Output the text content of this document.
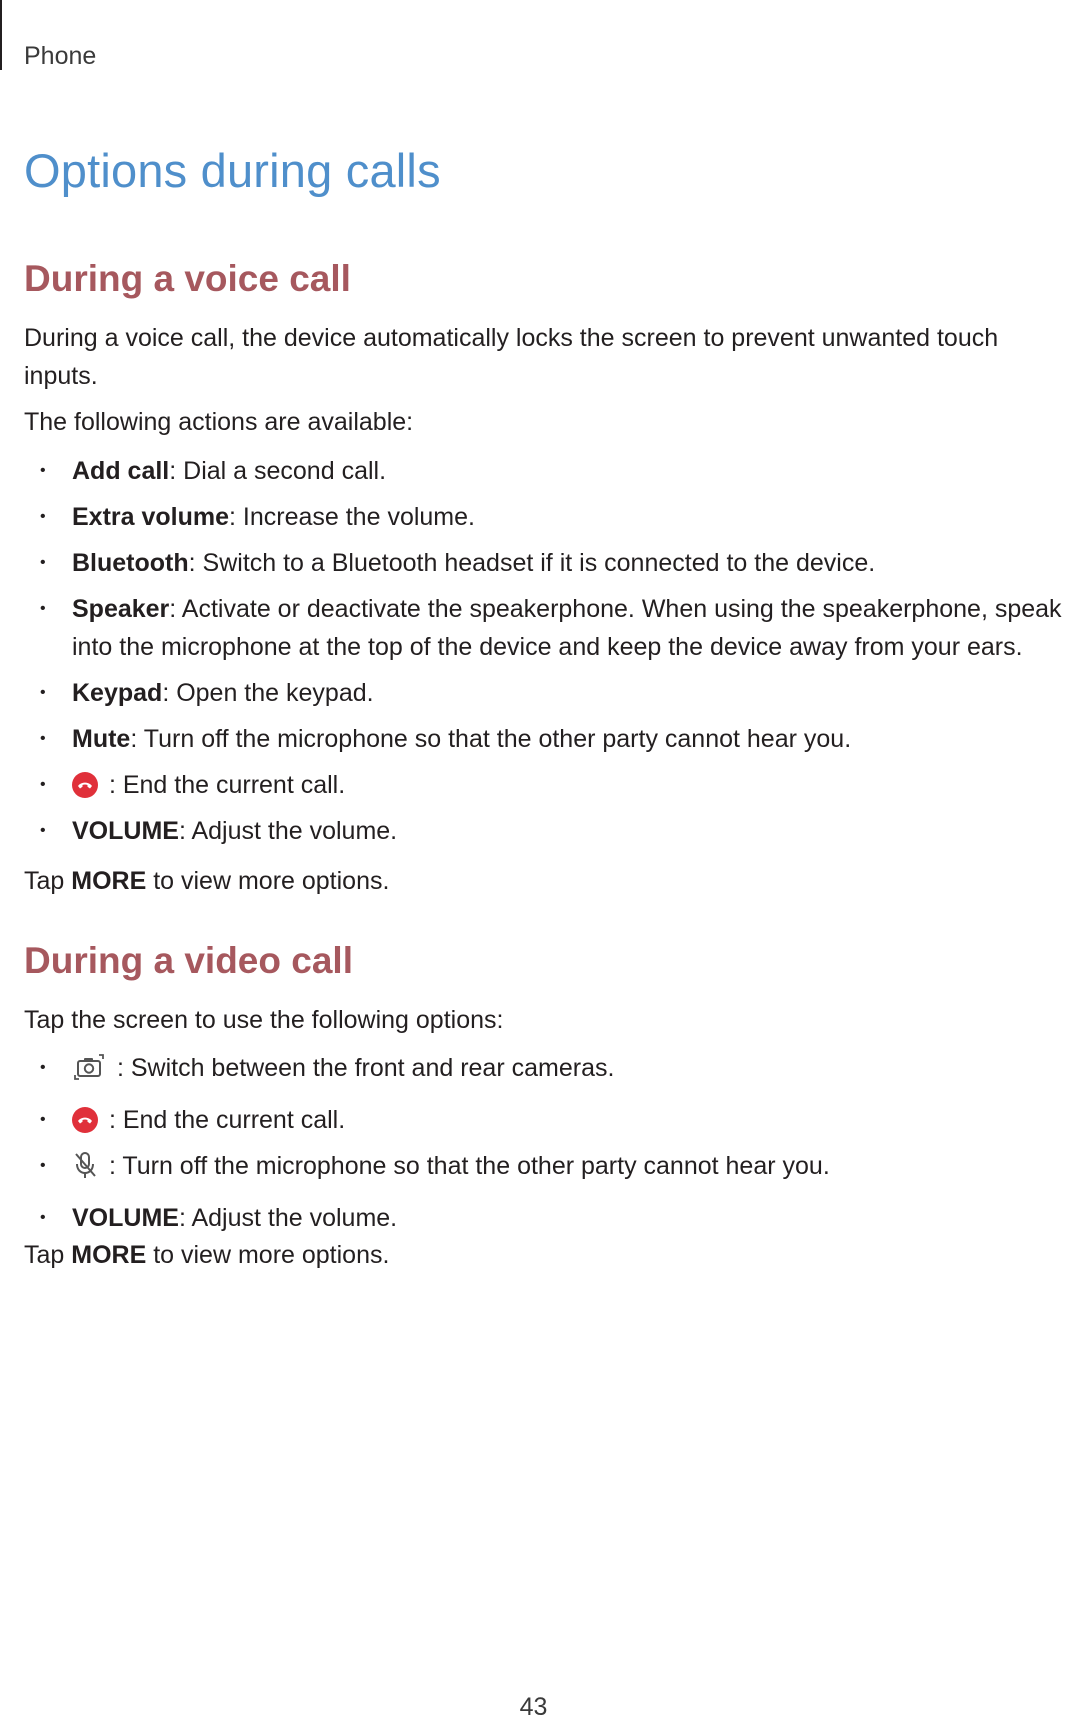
Phone
Options during calls
During a voice call

During a voice call, the device automatically locks the screen to prevent unwanted touch inputs.

The following actions are available:

• Add call: Dial a second call.
• Extra volume: Increase the volume.
• Bluetooth: Switch to a Bluetooth headset if it is connected to the device.
• Speaker: Activate or deactivate the speakerphone. When using the speakerphone, speak into the microphone at the top of the device and keep the device away from your ears.
• Keypad: Open the keypad.
• Mute: Turn off the microphone so that the other party cannot hear you.
• : End the current call.
• VOLUME: Adjust the volume.

Tap MORE to view more options.

During a video call

Tap the screen to use the following options:

•	: Switch between the front and rear cameras.
• : End the current call.
• : Turn off the microphone so that the other party cannot hear you.
• VOLUME: Adjust the volume.

Tap MORE to view more options.

43
